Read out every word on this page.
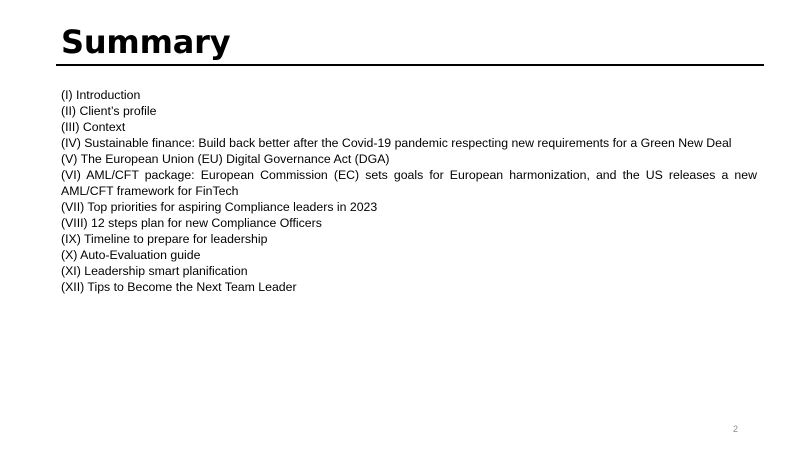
Summary
(I) Introduction
(II) Client’s profile
(III) Context
(IV) Sustainable finance: Build back better after the Covid-19 pandemic respecting new requirements for a Green New Deal
(V) The European Union (EU) Digital Governance Act (DGA)
(VI) AML/CFT package: European Commission (EC) sets goals for European harmonization, and the US releases a new AML/CFT framework for FinTech
(VII) Top priorities for aspiring Compliance leaders in 2023
(VIII) 12 steps plan for new Compliance Officers
(IX) Timeline to prepare for leadership
(X) Auto-Evaluation guide
(XI) Leadership smart planification
(XII) Tips to Become the Next Team Leader
2
